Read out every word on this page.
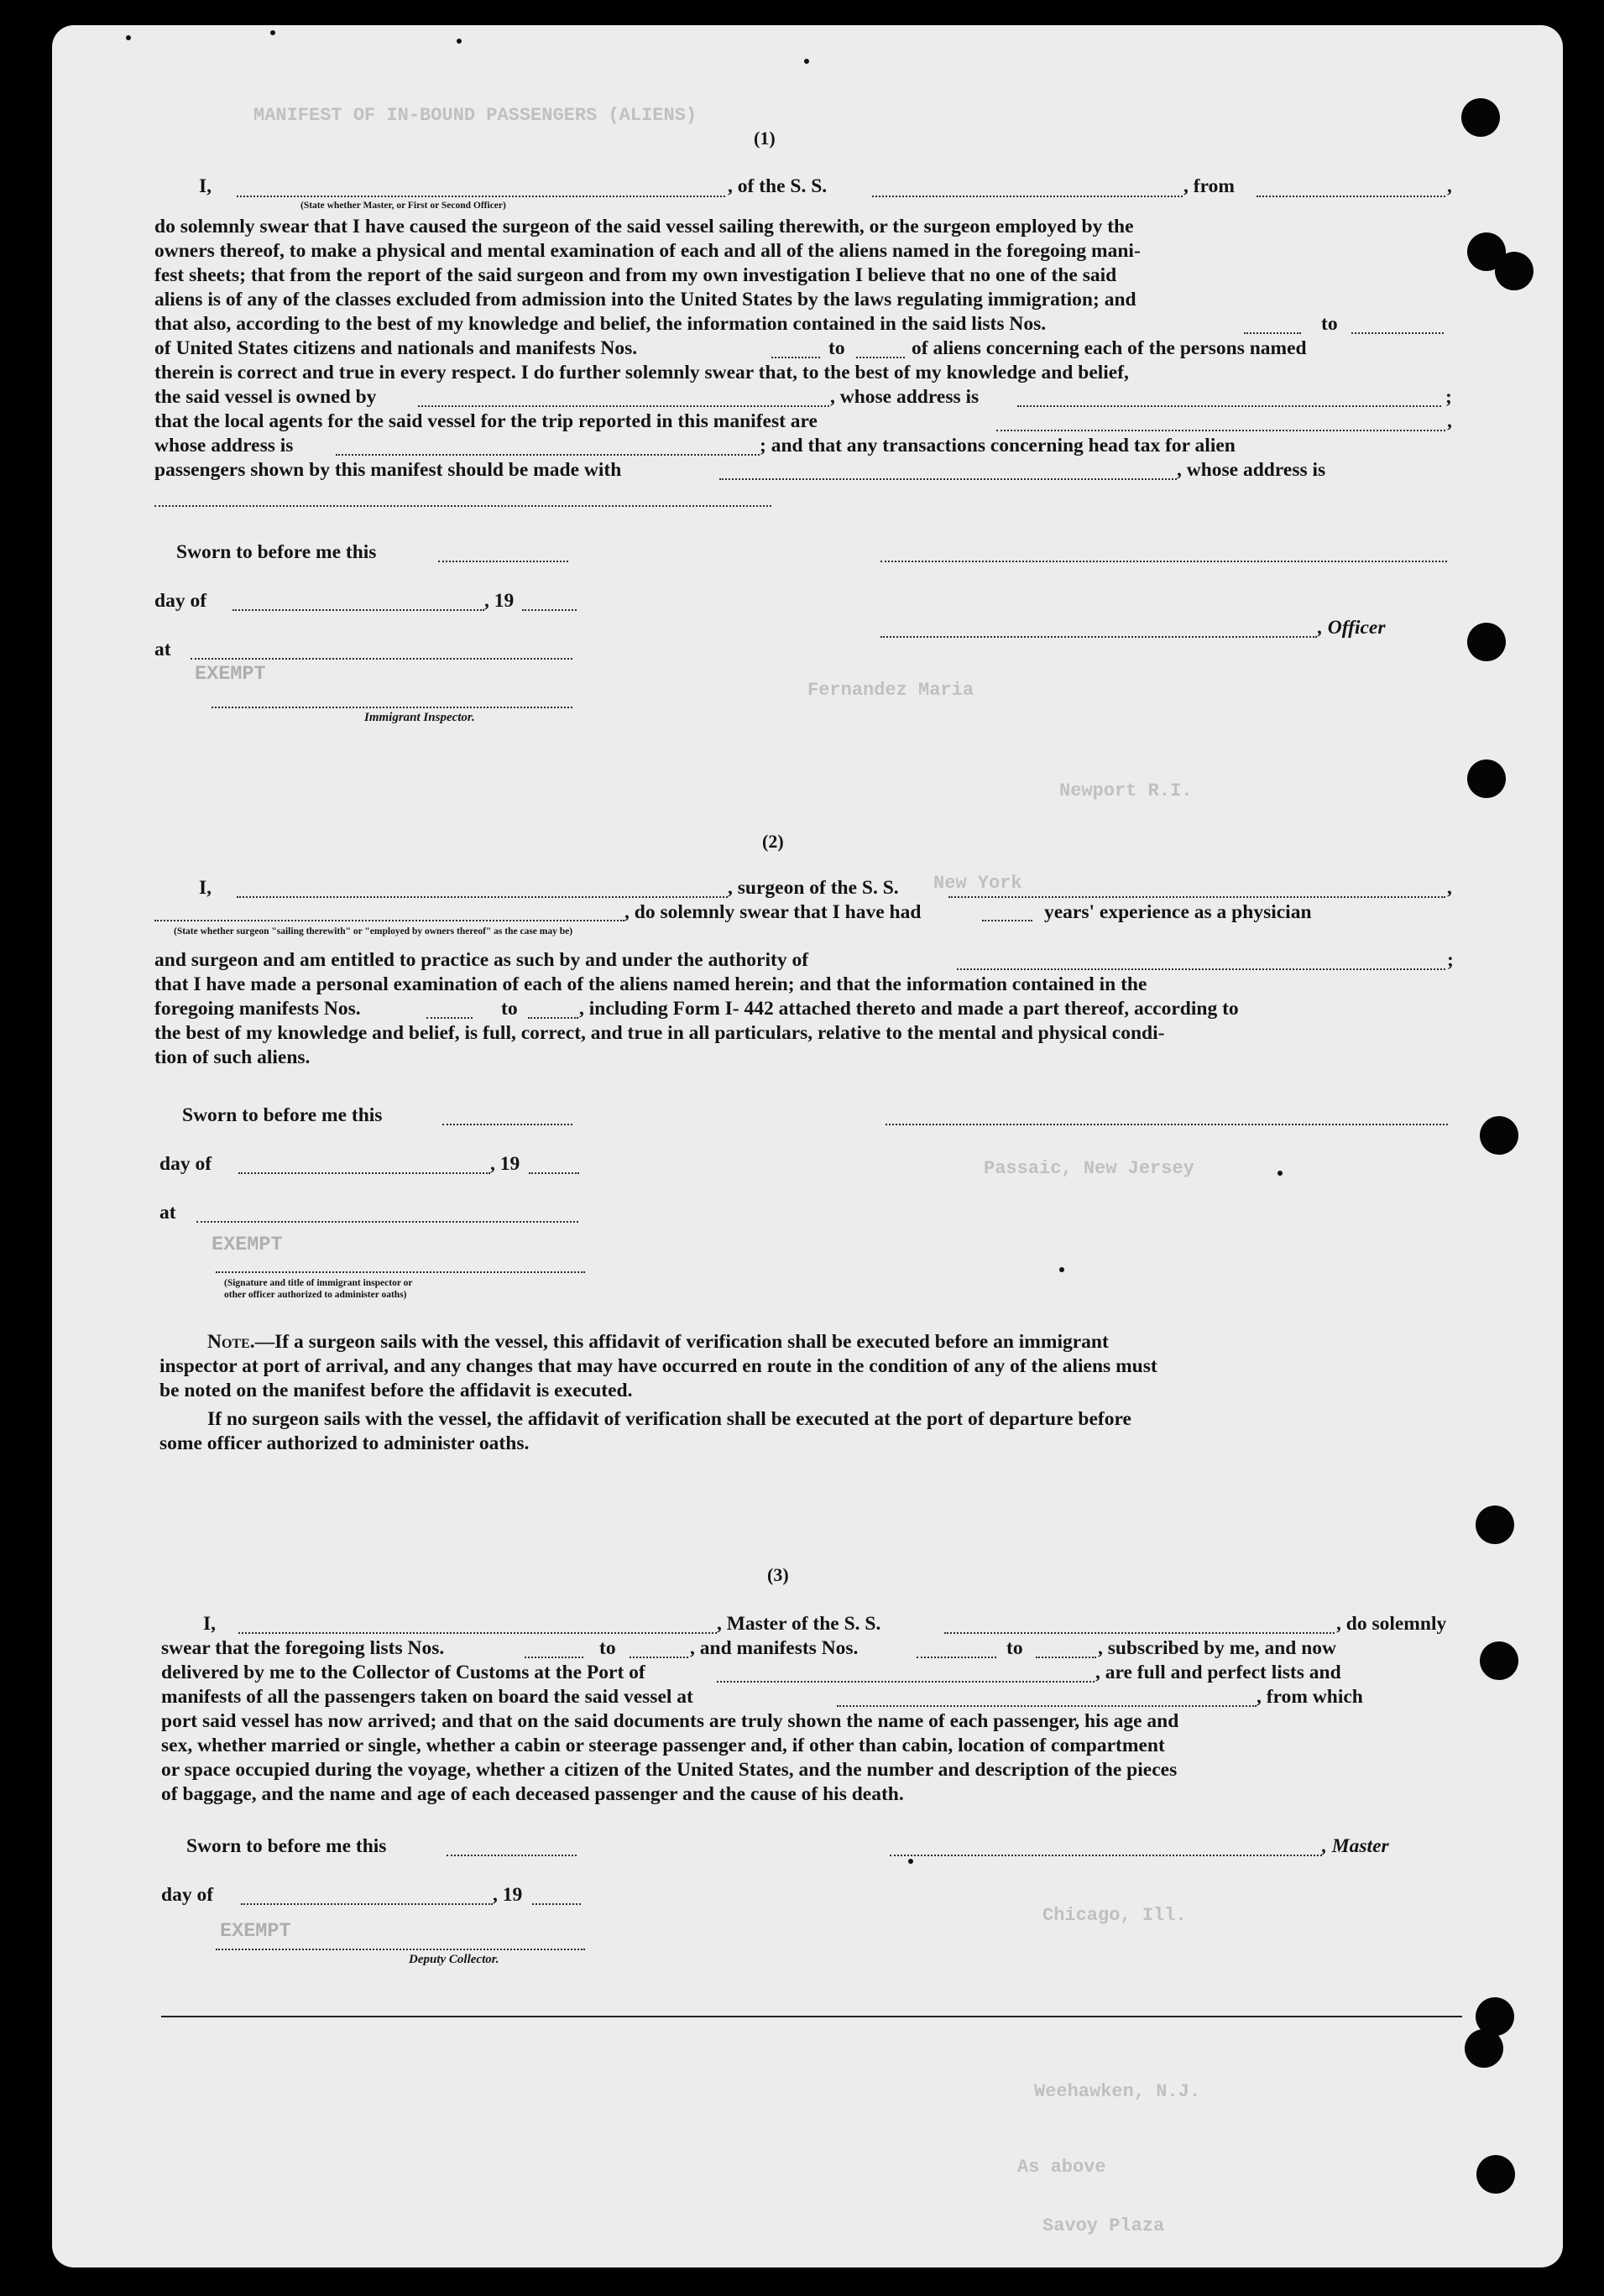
MANIFEST OF IN-BOUND PASSENGERS (ALIENS)
Fernandez Maria
Newport R.I.
New York
Passaic, New Jersey
Chicago, Ill.
Weehawken, N.J.
As above
Savoy Plaza
(1)
I,	, of the S. S.	, from	,
(State whether Master, or First or Second Officer)
do solemnly swear that I have caused the surgeon of the said vessel sailing therewith, or the surgeon employed by the
owners thereof, to make a physical and mental examination of each and all of the aliens named in the foregoing mani-
fest sheets; that from the report of the said surgeon and from my own investigation I believe that no one of the said
aliens is of any of the classes excluded from admission into the United States by the laws regulating immigration; and
that also, according to the best of my knowledge and belief, the information contained in the said lists Nos.	to
of United States citizens and nationals and manifests Nos.	to	of aliens concerning each of the persons named
therein is correct and true in every respect. I do further solemnly swear that, to the best of my knowledge and belief,
the said vessel is owned by	, whose address is	;
that the local agents for the said vessel for the trip reported in this manifest are	,
whose address is	; and that any transactions concerning head tax for alien
passengers shown by this manifest should be made with	, whose address is
Sworn to before me this
day of	, 19
, Officer
at
EXEMPT
Immigrant Inspector.
(2)
I,	, surgeon of the S. S.	,
, do solemnly swear that I have had	years' experience as a physician
(State whether surgeon "sailing therewith" or "employed by owners thereof" as the case may be)
and surgeon and am entitled to practice as such by and under the authority of	;
that I have made a personal examination of each of the aliens named herein; and that the information contained in the
foregoing manifests Nos.	to	, including Form I- 442 attached thereto and made a part thereof, according to
the best of my knowledge and belief, is full, correct, and true in all particulars, relative to the mental and physical condi-
tion of such aliens.
Sworn to before me this
day of	, 19
at
EXEMPT
(Signature and title of immigrant inspector or
other officer authorized to administer oaths)
Note.—If a surgeon sails with the vessel, this affidavit of verification shall be executed before an immigrant
inspector at port of arrival, and any changes that may have occurred en route in the condition of any of the aliens must
be noted on the manifest before the affidavit is executed.
If no surgeon sails with the vessel, the affidavit of verification shall be executed at the port of departure before
some officer authorized to administer oaths.
(3)
I,	, Master of the S. S.	, do solemnly
swear that the foregoing lists Nos.	to	, and manifests Nos.	to	, subscribed by me, and now
delivered by me to the Collector of Customs at the Port of	, are full and perfect lists and
manifests of all the passengers taken on board the said vessel at	, from which
port said vessel has now arrived; and that on the said documents are truly shown the name of each passenger, his age and
sex, whether married or single, whether a cabin or steerage passenger and, if other than cabin, location of compartment
or space occupied during the voyage, whether a citizen of the United States, and the number and description of the pieces
of baggage, and the name and age of each deceased passenger and the cause of his death.
Sworn to before me this	, Master
day of	, 19
EXEMPT
Deputy Collector.
